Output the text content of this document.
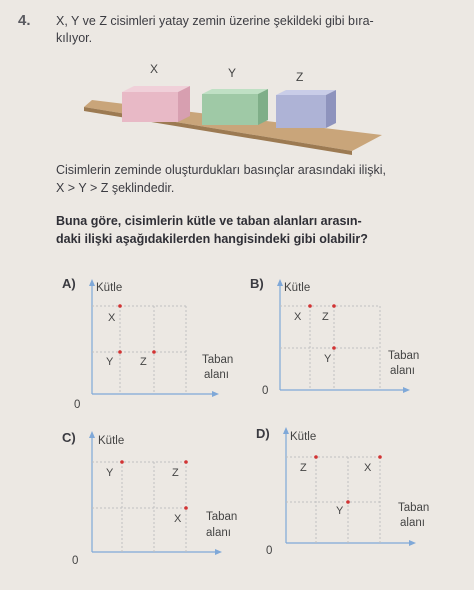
4. X, Y ve Z cisimleri yatay zemin üzerine şekildeki gibi bıra-
kılıyor.
X	Y	Z
Cisimlerin zeminde oluşturdukları basınçlar arasındaki ilişki,
X > Y > Z şeklindedir.
Buna göre, cisimlerin kütle ve taban alanları arasın-
daki ilişki aşağıdakilerden hangisindeki gibi olabilir?
A) Kütle
X
Y Z	Taban
alanı
0
B) Kütle
X Z
Y	Taban
alanı
0
C) Kütle
Y	Z
X Taban
alanı
0
D) Kütle
Z	X
Y	Taban
alanı
0
